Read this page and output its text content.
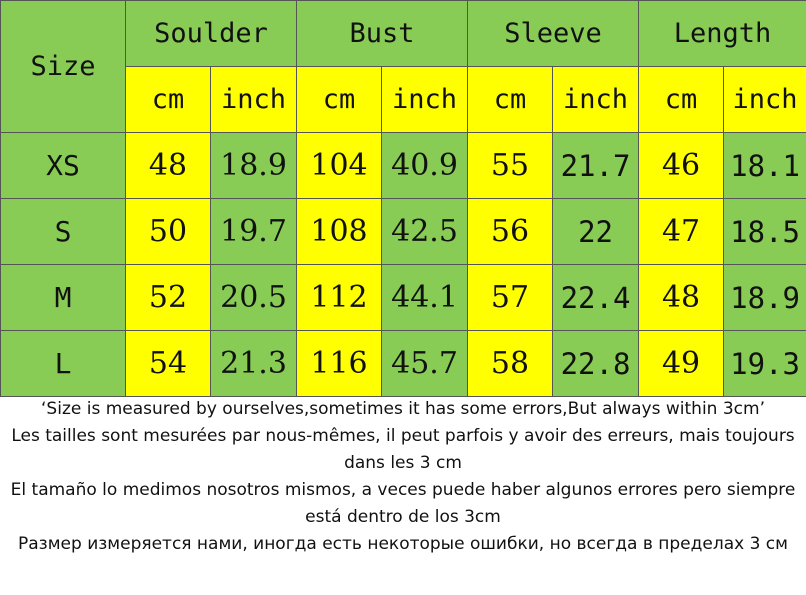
Size	Soulder		Bust		Sleeve		Length	
	cm	inch	cm	inch	cm	inch	cm	inch
XS	48	18.9	104	40.9	55	21.7	46	18.1
S	50	19.7	108	42.5	56	22	47	18.5
M	52	20.5	112	44.1	57	22.4	48	18.9
L	54	21.3	116	45.7	58	22.8	49	19.3
‘Size is measured by ourselves,sometimes it has some errors,But always within 3cm’
Les tailles sont mesurées par nous-mêmes, il peut parfois y avoir des erreurs, mais toujours dans les 3 cm
El tamaño lo medimos nosotros mismos, a veces puede haber algunos errores pero siempre está dentro de los 3cm
Размер измеряется нами, иногда есть некоторые ошибки, но всегда в пределах 3 см
